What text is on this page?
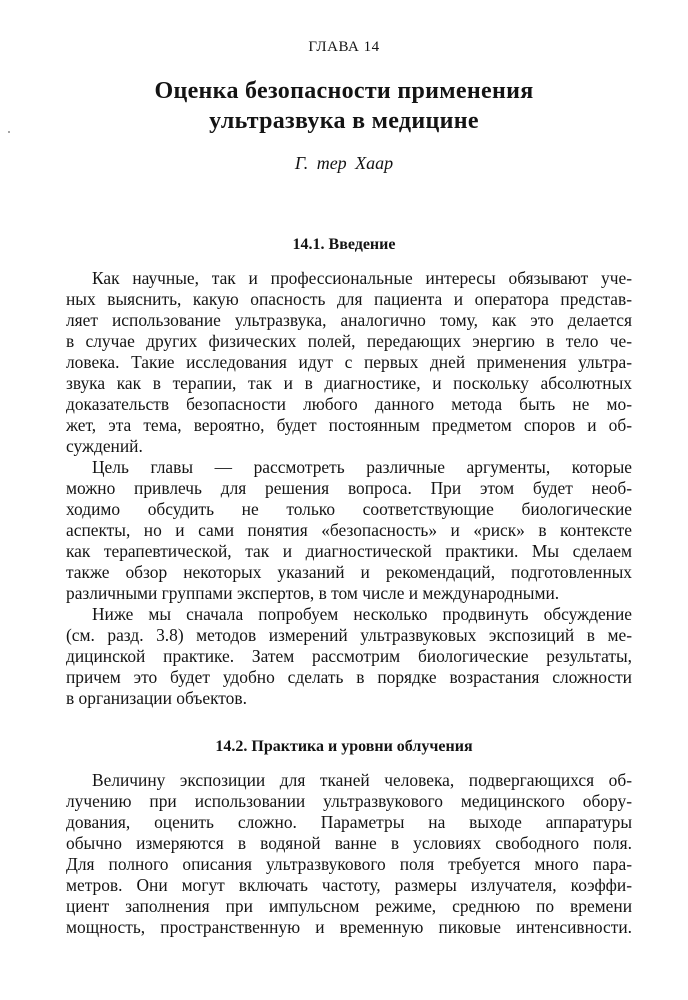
ГЛАВА 14
Оценка безопасности применения
ультразвука в медицине
Г. тер Хаар
14.1. Введение
Как научные, так и профессиональные интересы обязывают уче-
ных выяснить, какую опасность для пациента и оператора представ-
ляет использование ультразвука, аналогично тому, как это делается
в случае других физических полей, передающих энергию в тело че-
ловека. Такие исследования идут с первых дней применения ультра-
звука как в терапии, так и в диагностике, и поскольку абсолютных
доказательств безопасности любого данного метода быть не мо-
жет, эта тема, вероятно, будет постоянным предметом споров и об-
суждений.
Цель главы — рассмотреть различные аргументы, которые
можно привлечь для решения вопроса. При этом будет необ-
ходимо обсудить не только соответствующие биологические
аспекты, но и сами понятия «безопасность» и «риск» в контексте
как терапевтической, так и диагностической практики. Мы сделаем
также обзор некоторых указаний и рекомендаций, подготовленных
различными группами экспертов, в том числе и международными.
Ниже мы сначала попробуем несколько продвинуть обсуждение
(см. разд. 3.8) методов измерений ультразвуковых экспозиций в ме-
дицинской практике. Затем рассмотрим биологические результаты,
причем это будет удобно сделать в порядке возрастания сложности
в организации объектов.
14.2. Практика и уровни облучения
Величину экспозиции для тканей человека, подвергающихся об-
лучению при использовании ультразвукового медицинского обору-
дования, оценить сложно. Параметры на выходе аппаратуры
обычно измеряются в водяной ванне в условиях свободного поля.
Для полного описания ультразвукового поля требуется много пара-
метров. Они могут включать частоту, размеры излучателя, коэффи-
циент заполнения при импульсном режиме, среднюю по времени
мощность, пространственную и временную пиковые интенсивности.
